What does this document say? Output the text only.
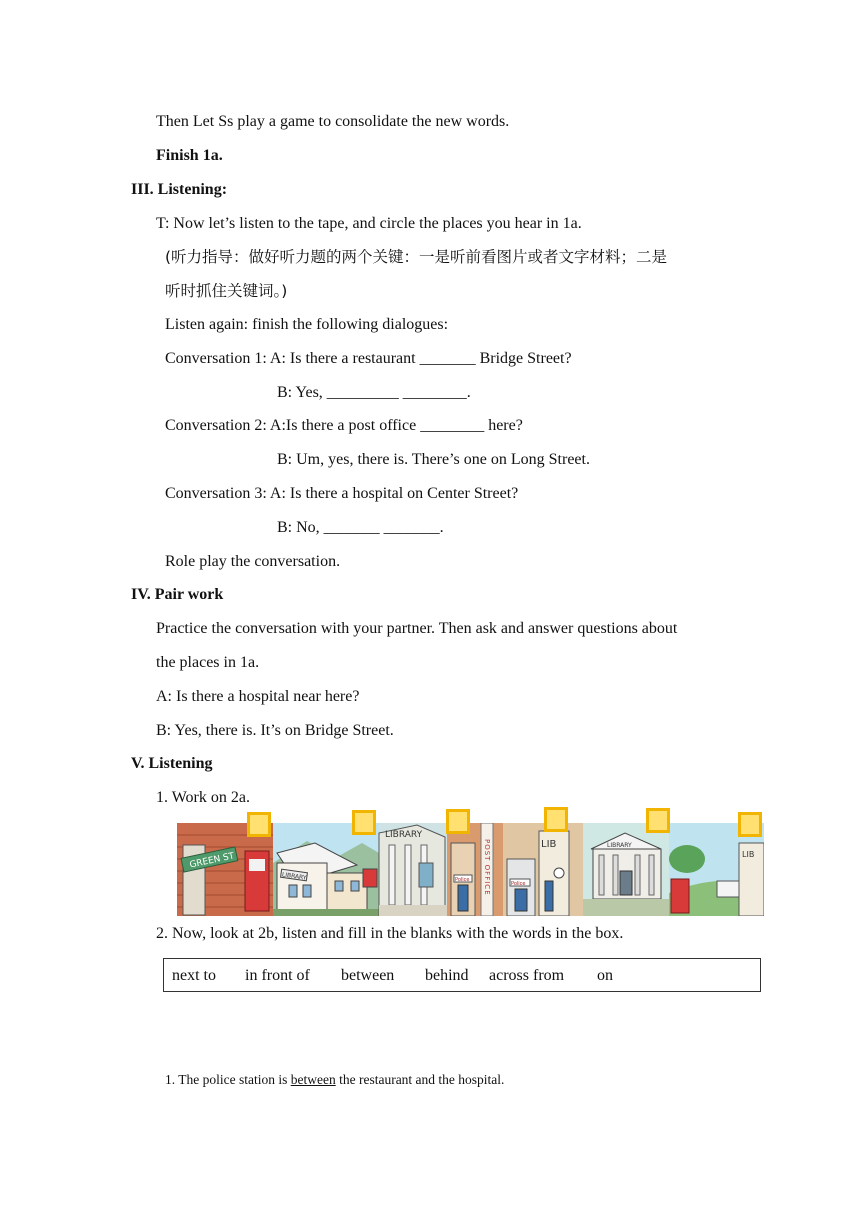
Then Let Ss play a game to consolidate the new words.
Finish 1a.
III. Listening:
T: Now let’s listen to the tape, and circle the places you hear in 1a.
(听力指导：做好听力题的两个关键：一是听前看图片或者文字材料；二是
听时抓住关键词。)
Listen again: finish the following dialogues:
Conversation 1: A: Is there a restaurant _______ Bridge Street?
B: Yes, _________ ________.
Conversation 2: A:Is there a post office ________ here?
B: Um, yes, there is. There’s one on Long Street.
Conversation 3: A: Is there a hospital on Center Street?
B: No, _______ _______.
Role play the conversation.
IV. Pair work
Practice the conversation with your partner. Then ask and answer questions about
the places in 1a.
A: Is there a hospital near here?
B: Yes, there is. It’s on Bridge Street.
V. Listening
1. Work on 2a.
GREEN ST
LIBRARY
LIBRARY
Police POST OFFICE	Police
LIB	LIBRARY
LIB
2. Now, look at 2b, listen and fill in the blanks with the words in the box.
next to in front of between behind across from on
1. The police station is between the restaurant and the hospital.
